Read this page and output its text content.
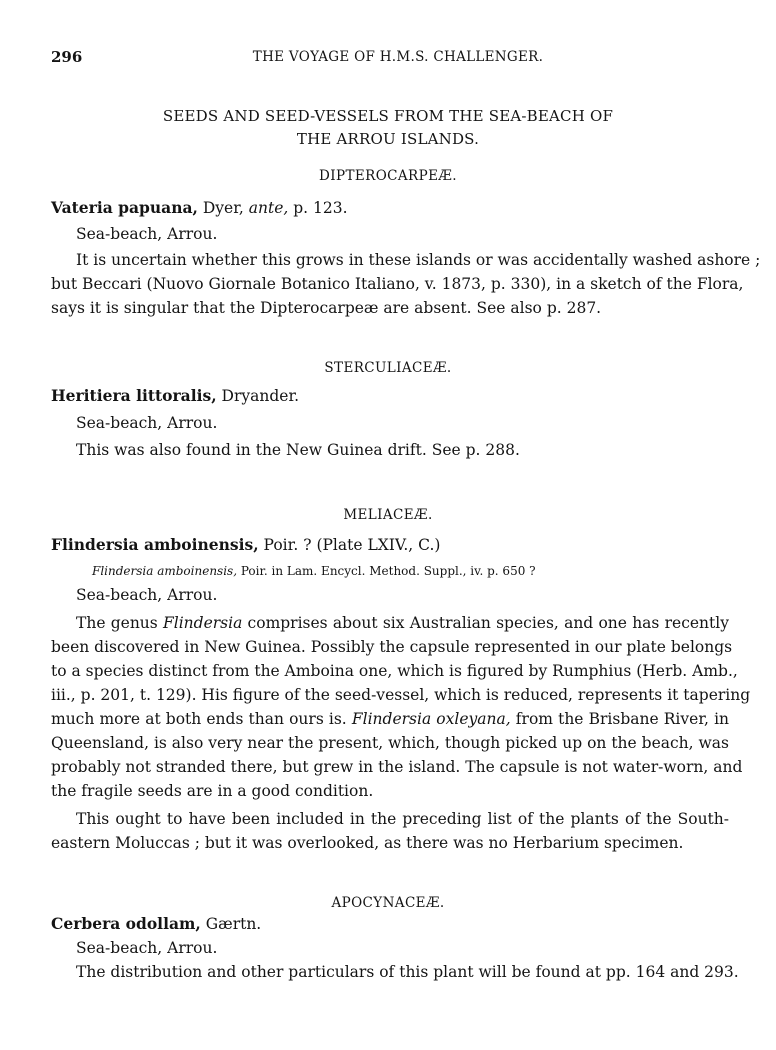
296	THE VOYAGE OF H.M.S. CHALLENGER.
SEEDS AND SEED-VESSELS FROM THE SEA-BEACH OF
THE ARROU ISLANDS.
DIPTEROCARPEÆ.
Vateria papuana, Dyer, ante, p. 123.
Sea-beach, Arrou.
It is uncertain whether this grows in these islands or was accidentally washed ashore ;
but Beccari (Nuovo Giornale Botanico Italiano, v. 1873, p. 330), in a sketch of the Flora,
says it is singular that the Dipterocarpeæ are absent. See also p. 287.
STERCULIACEÆ.
Heritiera littoralis, Dryander.
Sea-beach, Arrou.
This was also found in the New Guinea drift. See p. 288.
MELIACEÆ.
Flindersia amboinensis, Poir. ? (Plate LXIV., C.)
Flindersia amboinensis, Poir. in Lam. Encycl. Method. Suppl., iv. p. 650 ?
Sea-beach, Arrou.
The genus Flindersia comprises about six Australian species, and one has recently
been discovered in New Guinea. Possibly the capsule represented in our plate belongs
to a species distinct from the Amboina one, which is figured by Rumphius (Herb. Amb.,
iii., p. 201, t. 129). His figure of the seed-vessel, which is reduced, represents it tapering
much more at both ends than ours is. Flindersia oxleyana, from the Brisbane River, in
Queensland, is also very near the present, which, though picked up on the beach, was
probably not stranded there, but grew in the island. The capsule is not water-worn, and
the fragile seeds are in a good condition.
This ought to have been included in the preceding list of the plants of the South-
eastern Moluccas ; but it was overlooked, as there was no Herbarium specimen.
APOCYNACEÆ.
Cerbera odollam, Gærtn.
Sea-beach, Arrou.
The distribution and other particulars of this plant will be found at pp. 164 and 293.
